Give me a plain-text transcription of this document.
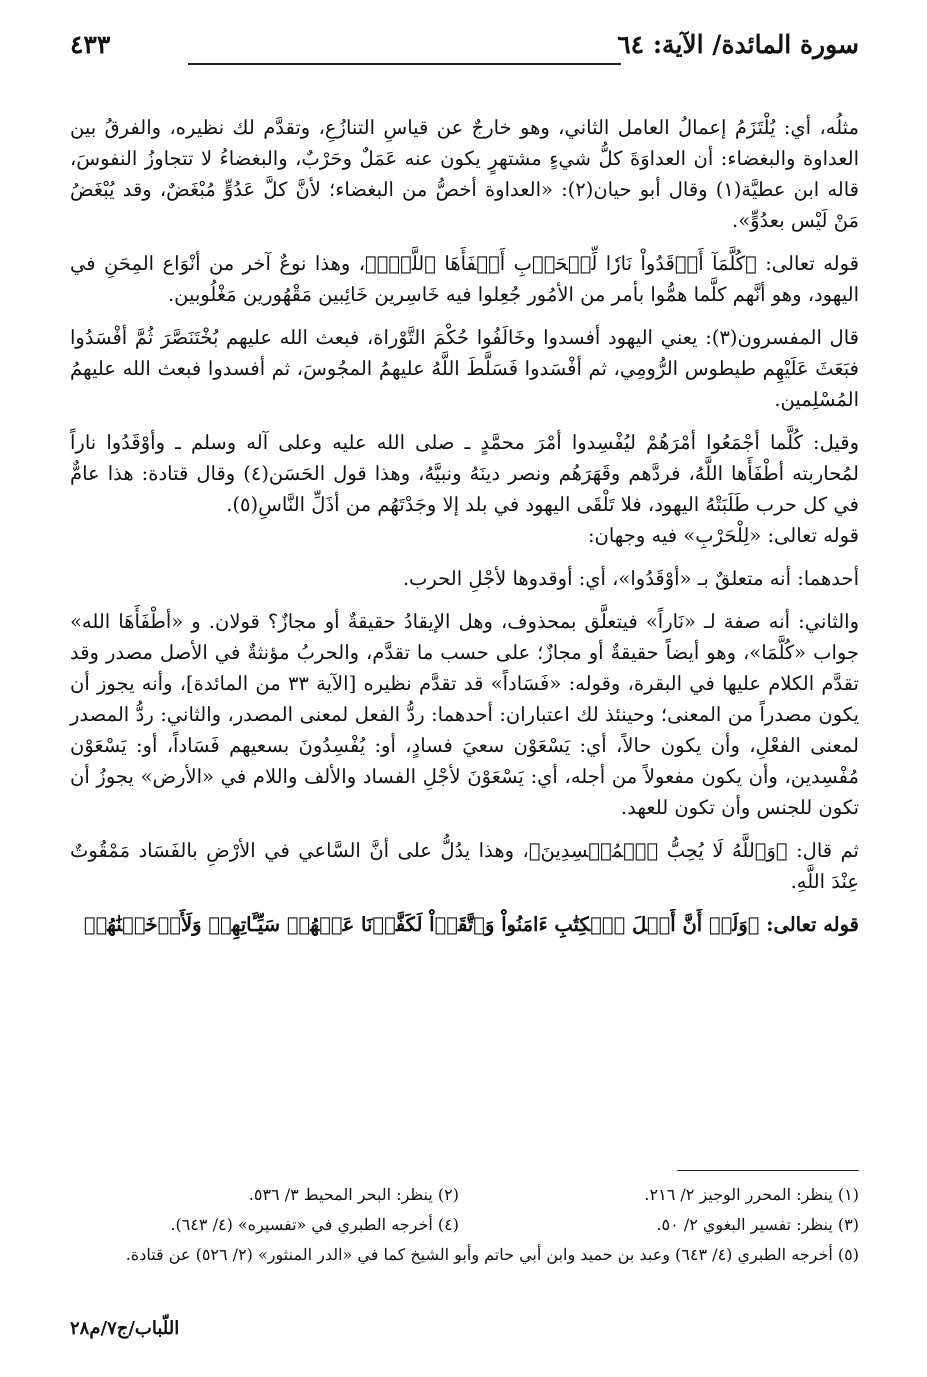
سورة المائدة/ الآية: ٦٤
٤٣٣

مثلُه، أي: يُلْتَزَمُ إعمالُ العامل الثاني، وهو خارجٌ عن قياسِ التنازُعِ، وتقدَّم لك نظيره، والفرقُ بين العداوة والبغضاء: أن العداوَةَ كلُّ شيءٍ مشتهرٍ يكون عنه عَمَلٌ وحَرْبٌ، والبغضاءُ لا تتجاوزُ النفوسَ، قاله ابن عطيَّة(١) وقال أبو حيان(٢): «العداوة أخصُّ من البغضاء؛ لأنَّ كلَّ عَدُوٍّ مُبْغَضٌ، وقد يُبْغَضُ مَنْ لَيْس بعدُوٍّ».

قوله تعالى: ﴿كُلَّمَآ أَوۡقَدُواْ نَارٗا لِّلۡحَرۡبِ أَطۡفَأَهَا ٱللَّهُۚ﴾، وهذا نوعٌ آخر من أنْوَاع المِحَنِ في اليهود، وهو أنَّهم كلَّما همُّوا بأمر من الأمُور جُعِلوا فيه خَاسِرين خَائِبين مَقْهُورين مَغْلُوبين.

قال المفسرون(٣): يعني اليهود أفسدوا وخَالَفُوا حُكْمَ التَّوْراة، فبعث الله عليهم بُخْتَنَصَّرَ ثُمَّ أفْسَدُوا فبَعَثَ عَلَيْهِم طيطوس الرُّومِي، ثم أفْسَدوا فَسَلَّطَ اللَّهُ عليهمُ المجُوسَ، ثم أفسدوا فبعث الله عليهمُ المُسْلِمين.

وقيل: كُلَّما أجْمَعُوا أمْرَهُمْ ليُفْسِدوا أمْرَ محمَّدٍ ـ صلى الله عليه وعلى آله وسلم ـ وأوْقَدُوا ناراً لمُحاربته أطْفَأَها اللَّهُ، فردَّهم وقَهَرَهُم ونصر دينَهُ ونبيَّهُ، وهذا قول الحَسَن(٤) وقال قتادة: هذا عامٌّ في كل حرب طَلَبَتْهُ اليهود، فلا تَلْقَى اليهود في بلد إلا وجَدْتَهُم من أذَلِّ النَّاسِ(٥).

قوله تعالى: «لِلْحَرْبِ» فيه وجهان:

أحدهما: أنه متعلقٌ بـ «أوْقَدُوا»، أي: أوقدوها لأجْلِ الحرب.

والثاني: أنه صفة لـ «نَاراً» فيتعلَّق بمحذوف، وهل الإيقادُ حقيقةٌ أو مجازٌ؟ قولان. و «أطْفَأَهَا الله» جواب «كُلَّمَا»، وهو أيضاً حقيقةٌ أو مجازٌ؛ على حسب ما تقدَّم، والحربُ مؤنثةٌ في الأصل مصدر وقد تقدَّم الكلام عليها في البقرة، وقوله: «فَسَاداً» قد تقدَّم نظيره [الآية ٣٣ من المائدة]، وأنه يجوز أن يكون مصدراً من المعنى؛ وحينئذ لك اعتباران: أحدهما: ردُّ الفعل لمعنى المصدر، والثاني: ردُّ المصدر لمعنى الفعْلِ، وأن يكون حالاً، أي: يَسْعَوْن سعيَ فسادٍ، أو: يُفْسِدُونَ بسعيهم فَسَاداً، أو: يَسْعَوْن مُفْسِدين، وأن يكون مفعولاً من أجله، أي: يَسْعَوْنَ لأجْلِ الفساد والألف واللام في «الأرض» يجوزُ أن تكون للجنس وأن تكون للعهد.

ثم قال: ﴿وَٱللَّهُ لَا يُحِبُّ ٱلۡمُفۡسِدِينَ﴾، وهذا يدُلُّ على أنَّ السَّاعي في الأرْضِ بالفَسَاد مَمْقُوتٌ عِنْدَ اللَّهِ.

قوله تعالى: ﴿وَلَوۡ أَنَّ أَهۡلَ ٱلۡكِتَٰبِ ءَامَنُواْ وَٱتَّقَوۡاْ لَكَفَّرۡنَا عَنۡهُمۡ سَيِّـَٔاتِهِمۡ وَلَأَدۡخَلۡنَٰهُمۡ

(١) ينظر: المحرر الوجيز ٢/ ٢١٦.(٢) ينظر: البحر المحيط ٣/ ٥٣٦.
(٣) ينظر: تفسير البغوي ٢/ ٥٠.(٤) أخرجه الطبري في «تفسيره» (٤/ ٦٤٣).
(٥) أخرجه الطبري (٤/ ٦٤٣) وعبد بن حميد وابن أبي حاتم وأبو الشيخ كما في «الدر المنثور» (٢/ ٥٢٦) عن قتادة.
اللّباب/ج٧/م٢٨
